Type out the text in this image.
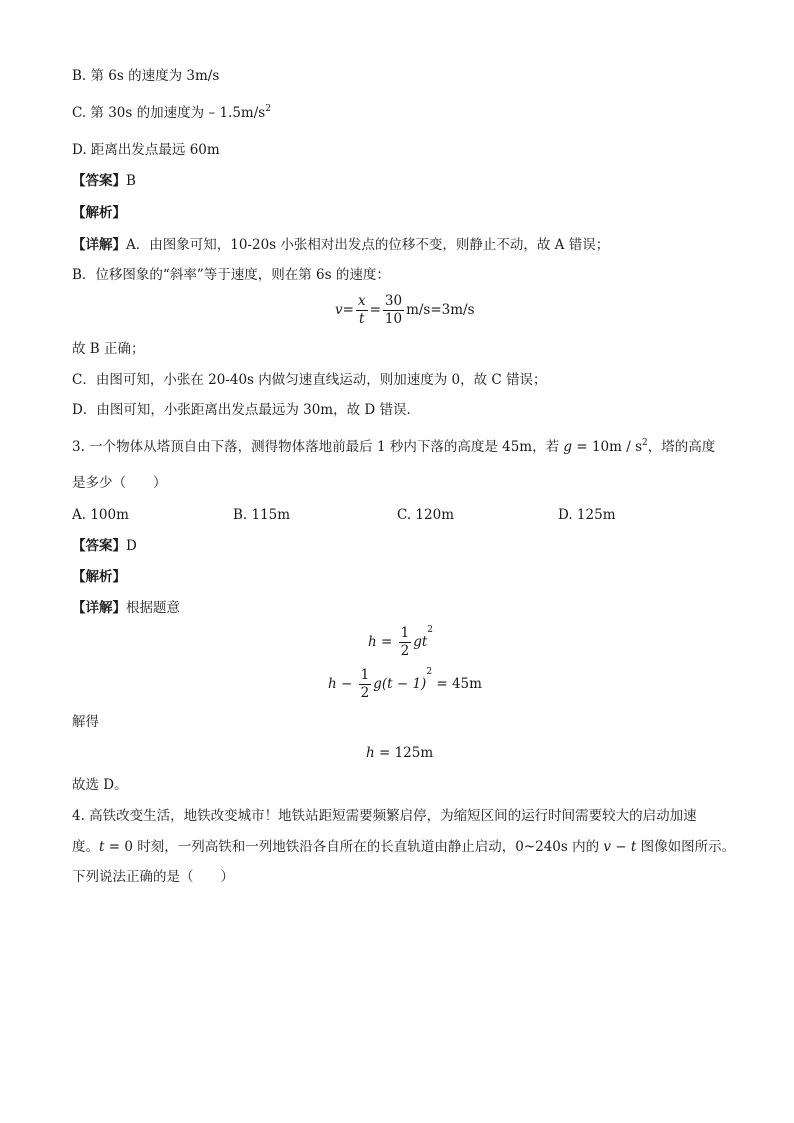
B. 第 6s 的速度为 3m/s
C. 第 30s 的加速度为 – $1.5m/s^2$
D. 距离出发点最远 60m
【答案】B
【解析】
【详解】A．由图象可知，10-20s 小张相对出发点的位移不变，则静止不动，故 A 错误；
B．位移图象的“斜率”等于速度，则在第 6s 的速度：
$v= \frac{x}{t} = \frac{30}{10} m/s=3m/s$
故 B 正确；
C．由图可知，小张在 20-40s 内做匀速直线运动，则加速度为 0，故 C 错误；
D．由图可知，小张距离出发点最远为 30m，故 D 错误．
3. 一个物体从塔顶自由下落，测得物体落地前最后 1 秒内下落的高度是 45m，若 $g = 10m / s^2$，塔的高度
是多少（　　）
A. 100m	B. 115m	C. 120m	D. 125m
【答案】D
【解析】
【详解】根据题意
$h = \frac{1}{2} gt^2$
$h - \frac{1}{2} g(t - 1)^2 = 45m$
解得
h = 125m
故选 D。
4. 高铁改变生活，地铁改变城市！地铁站距短需要频繁启停，为缩短区间的运行时间需要较大的启动加速
度。t = 0 时刻，一列高铁和一列地铁沿各自所在的长直轨道由静止启动，0~240s 内的 v − t 图像如图所示。
下列说法正确的是（　　）
